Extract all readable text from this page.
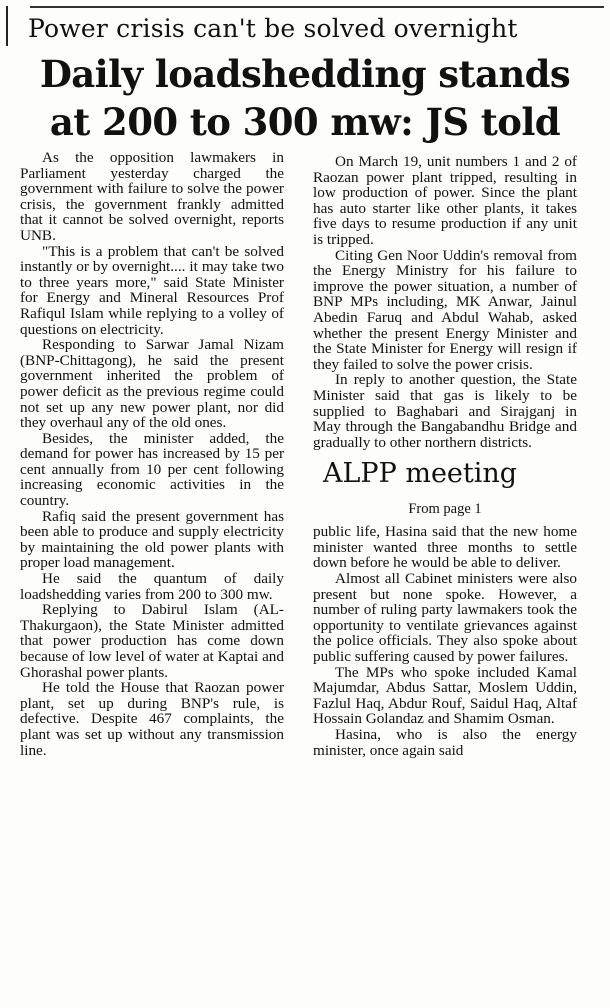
Power crisis can't be solved overnight
Daily loadshedding stands
at 200 to 300 mw: JS told

As the opposition lawmakers in Parliament yesterday charged the government with failure to solve the power crisis, the government frankly admitted that it cannot be solved overnight, reports UNB.

"This is a problem that can't be solved instantly or by overnight.... it may take two to three years more," said State Minister for Energy and Mineral Resources Prof Rafiqul Islam while replying to a volley of questions on electricity.

Responding to Sarwar Jamal Nizam (BNP-Chittagong), he said the present government inherited the problem of power deficit as the previous regime could not set up any new power plant, nor did they overhaul any of the old ones.

Besides, the minister added, the demand for power has increased by 15 per cent annually from 10 per cent following increasing economic activities in the country.

Rafiq said the present government has been able to produce and supply electricity by maintaining the old power plants with proper load management.

He said the quantum of daily loadshedding varies from 200 to 300 mw.

Replying to Dabirul Islam (AL-Thakurgaon), the State Minister admitted that power production has come down because of low level of water at Kaptai and Ghorashal power plants.

He told the House that Raozan power plant, set up during BNP's rule, is defective. Despite 467 complaints, the plant was set up without any transmission line.

On March 19, unit numbers 1 and 2 of Raozan power plant tripped, resulting in low production of power. Since the plant has auto starter like other plants, it takes five days to resume production if any unit is tripped.

Citing Gen Noor Uddin's removal from the Energy Ministry for his failure to improve the power situation, a number of BNP MPs including, MK Anwar, Jainul Abedin Faruq and Abdul Wahab, asked whether the present Energy Minister and the State Minister for Energy will resign if they failed to solve the power crisis.

In reply to another question, the State Minister said that gas is likely to be supplied to Baghabari and Sirajganj in May through the Bangabandhu Bridge and gradually to other northern districts.

ALPP meeting
From page 1

public life, Hasina said that the new home minister wanted three months to settle down before he would be able to deliver.

Almost all Cabinet ministers were also present but none spoke. However, a number of ruling party lawmakers took the opportunity to ventilate grievances against the police officials. They also spoke about public suffering caused by power failures.

The MPs who spoke included Kamal Majumdar, Abdus Sattar, Moslem Uddin, Fazlul Haq, Abdur Rouf, Saidul Haq, Altaf Hossain Golandaz and Shamim Osman.

Hasina, who is also the energy minister, once again said
